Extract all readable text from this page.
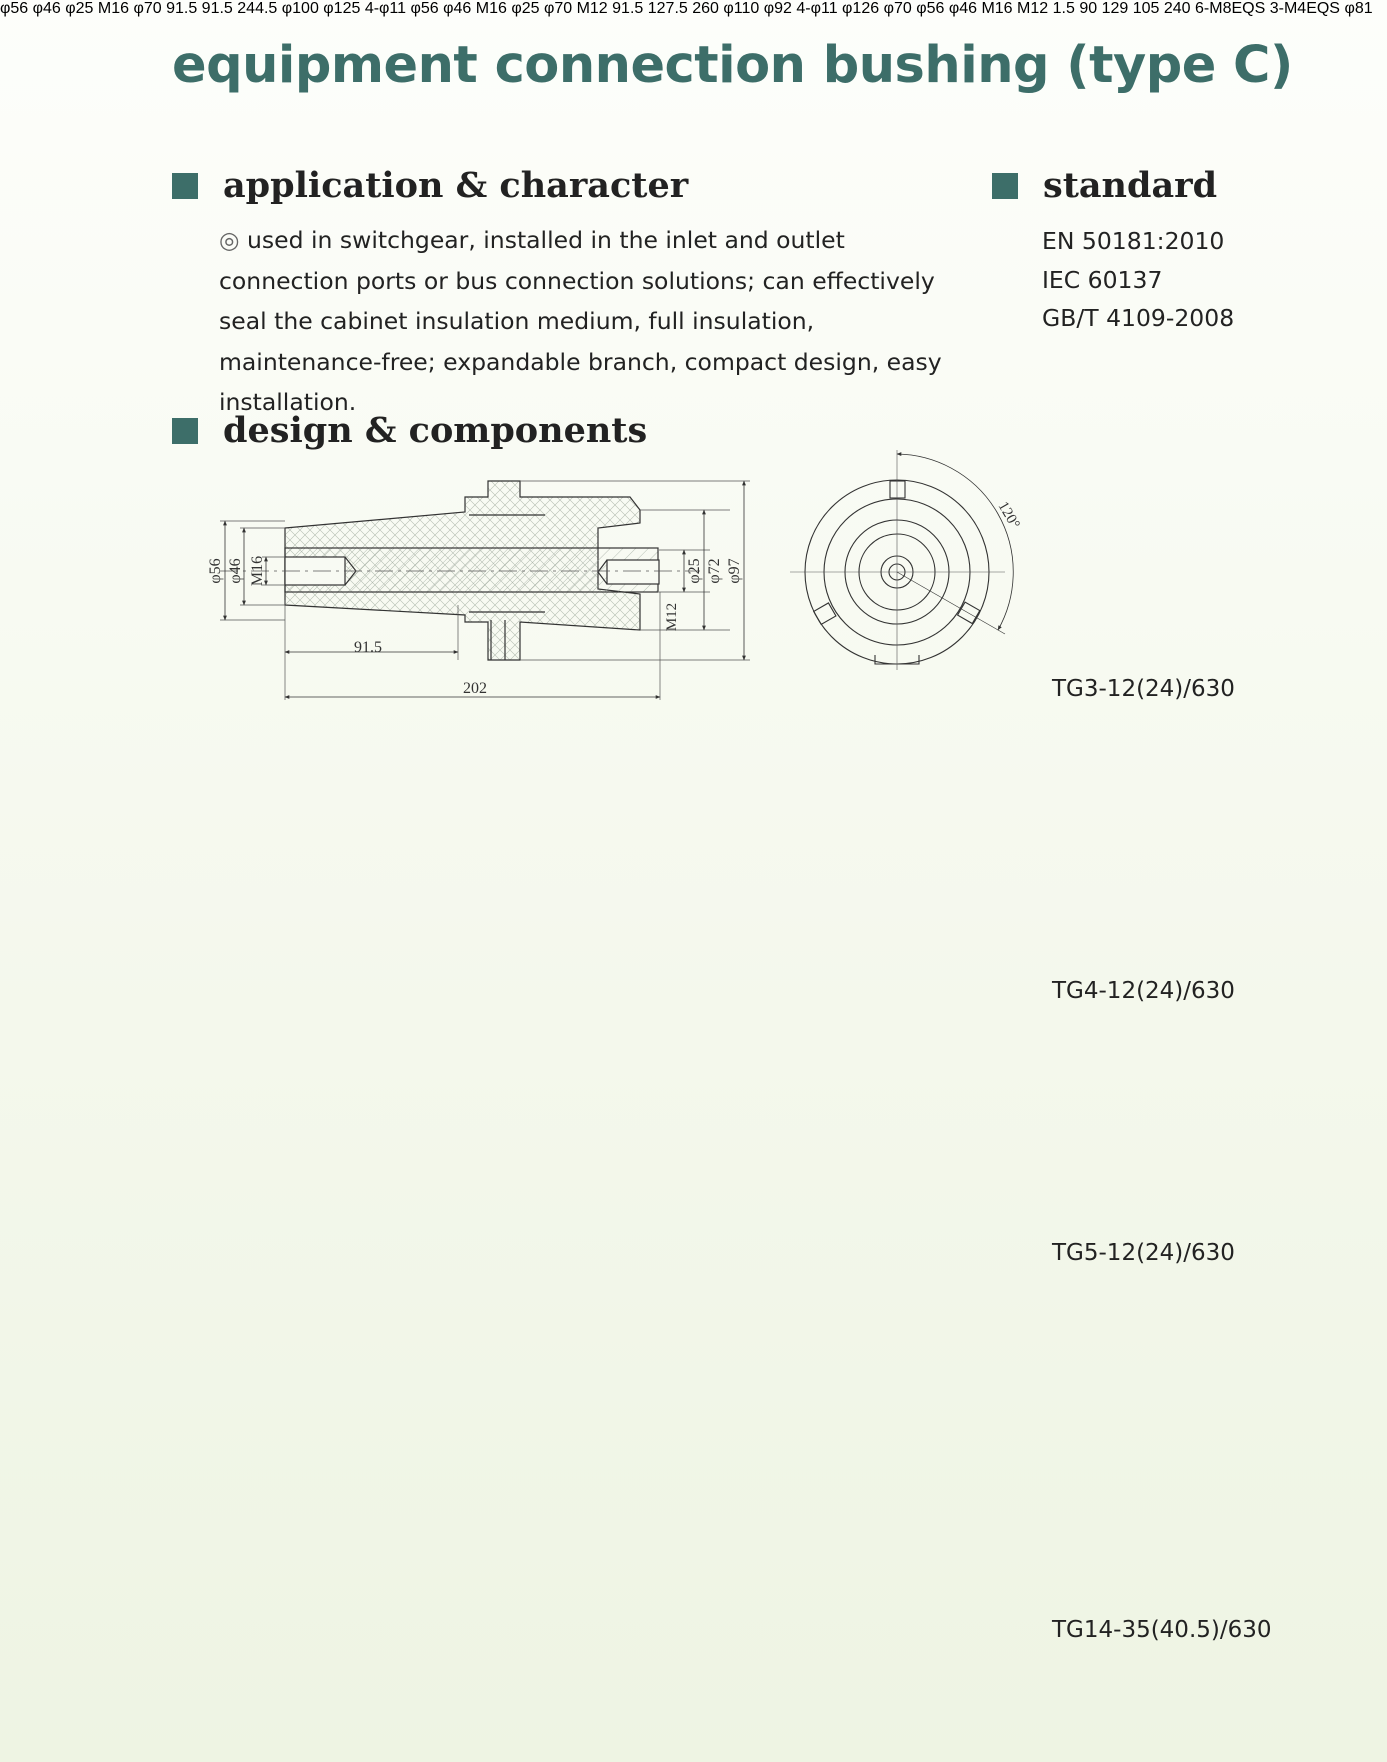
equipment connection bushing (type C)
application & character

◎ used in switchgear, installed in the inlet and outlet connection ports or bus connection solutions; can effectively seal the cabinet insulation medium, full insulation, maintenance-free; expandable branch, compact design, easy installation.

standard
EN 50181:2010
IEC 60137
GB/T 4109-2008
design & components
φ56 φ46 M16	φ25 φ72 φ97
M12
91.5
202
120°
φ56 φ46 φ25 M16 φ70 91.5 91.5 244.5 φ100 φ125 4-φ11 φ56 φ46 M16 φ25 φ70 M12 91.5 127.5 260 φ110 φ92 4-φ11 φ126 φ70 φ56 φ46 M16 M12 1.5 90 129 105 240 6-M8EQS 3-M4EQS φ81
TG3-12(24)/630
TG4-12(24)/630
TG5-12(24)/630
TG14-35(40.5)/630
